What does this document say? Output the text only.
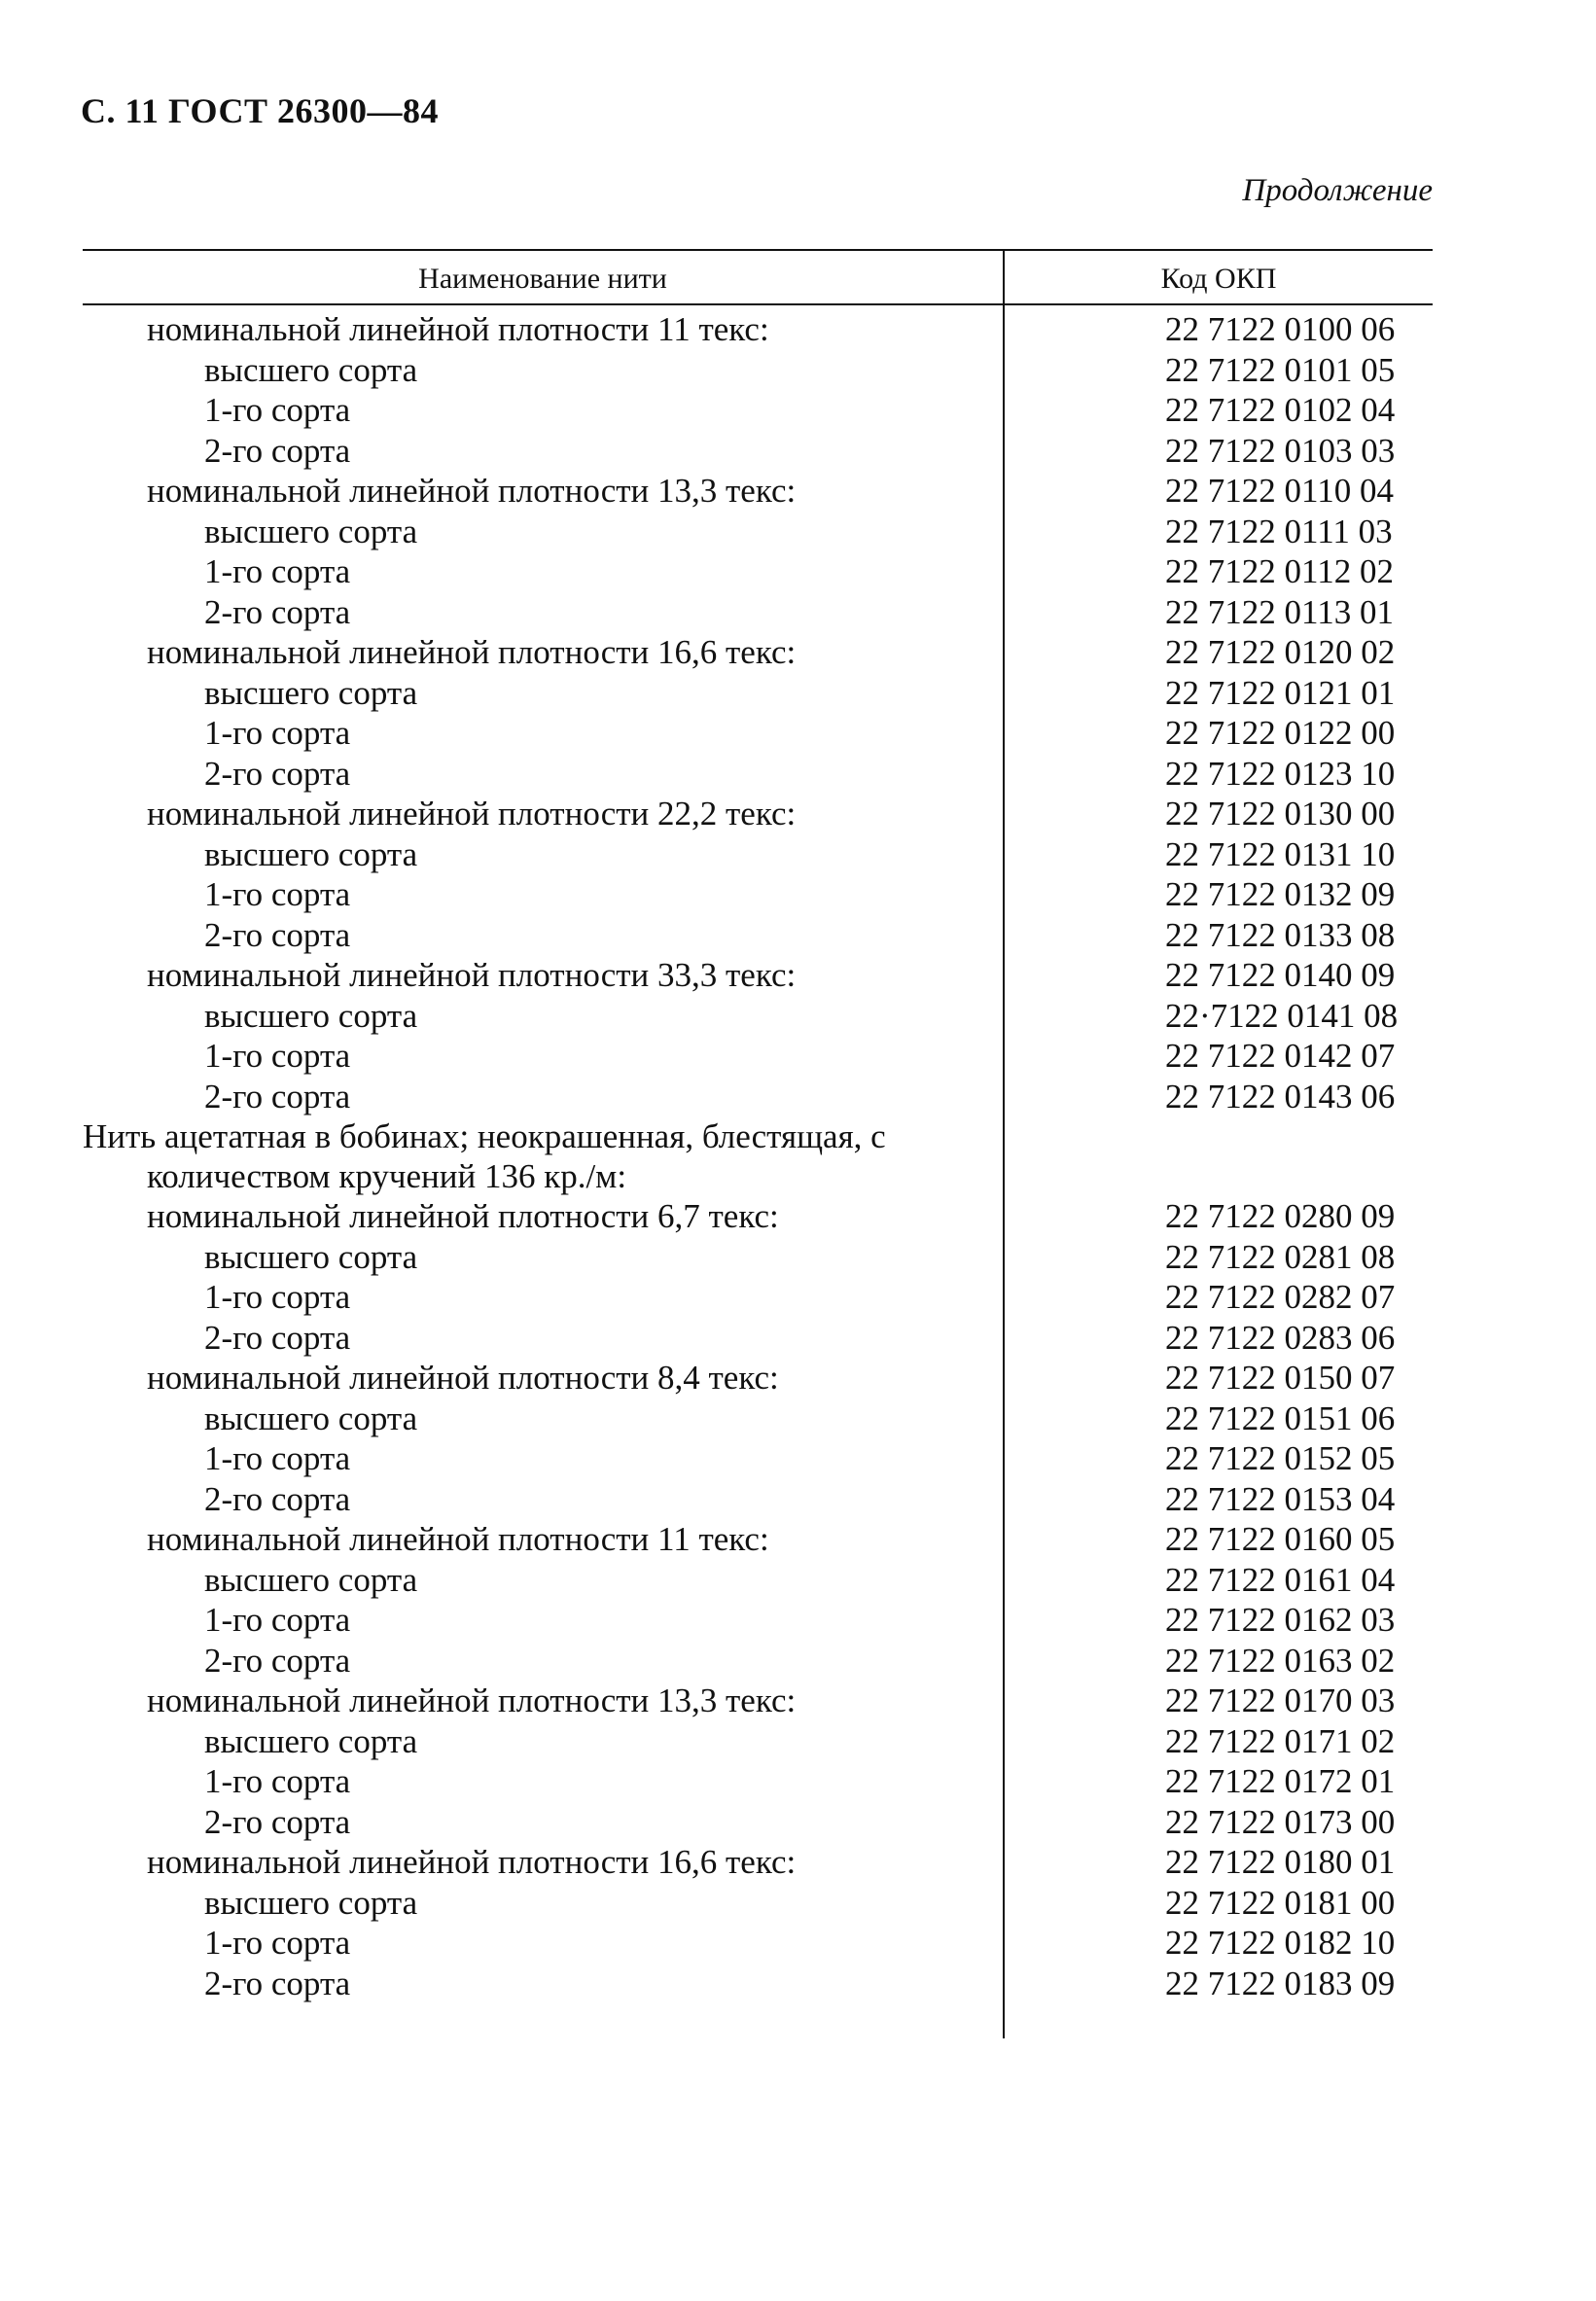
С. 11 ГОСТ 26300—84
Продолжение
Наименование нити	Код ОКП
номинальной линейной плотности 11 текс:	22 7122 0100 06
высшего сорта	22 7122 0101 05
1-го сорта	22 7122 0102 04
2-го сорта	22 7122 0103 03
номинальной линейной плотности 13,3 текс:	22 7122 0110 04
высшего сорта	22 7122 0111 03
1-го сорта	22 7122 0112 02
2-го сорта	22 7122 0113 01
номинальной линейной плотности 16,6 текс:	22 7122 0120 02
высшего сорта	22 7122 0121 01
1-го сорта	22 7122 0122 00
2-го сорта	22 7122 0123 10
номинальной линейной плотности 22,2 текс:	22 7122 0130 00
высшего сорта	22 7122 0131 10
1-го сорта	22 7122 0132 09
2-го сорта	22 7122 0133 08
номинальной линейной плотности 33,3 текс:	22 7122 0140 09
высшего сорта	22·7122 0141 08
1-го сорта	22 7122 0142 07
2-го сорта	22 7122 0143 06
Нить ацетатная в бобинах; неокрашенная, блестящая, с количеством кручений 136 кр./м:
номинальной линейной плотности 6,7 текс:	22 7122 0280 09
высшего сорта	22 7122 0281 08
1-го сорта	22 7122 0282 07
2-го сорта	22 7122 0283 06
номинальной линейной плотности 8,4 текс:	22 7122 0150 07
высшего сорта	22 7122 0151 06
1-го сорта	22 7122 0152 05
2-го сорта	22 7122 0153 04
номинальной линейной плотности 11 текс:	22 7122 0160 05
высшего сорта	22 7122 0161 04
1-го сорта	22 7122 0162 03
2-го сорта	22 7122 0163 02
номинальной линейной плотности 13,3 текс:	22 7122 0170 03
высшего сорта	22 7122 0171 02
1-го сорта	22 7122 0172 01
2-го сорта	22 7122 0173 00
номинальной линейной плотности 16,6 текс:	22 7122 0180 01
высшего сорта	22 7122 0181 00
1-го сорта	22 7122 0182 10
2-го сорта	22 7122 0183 09
